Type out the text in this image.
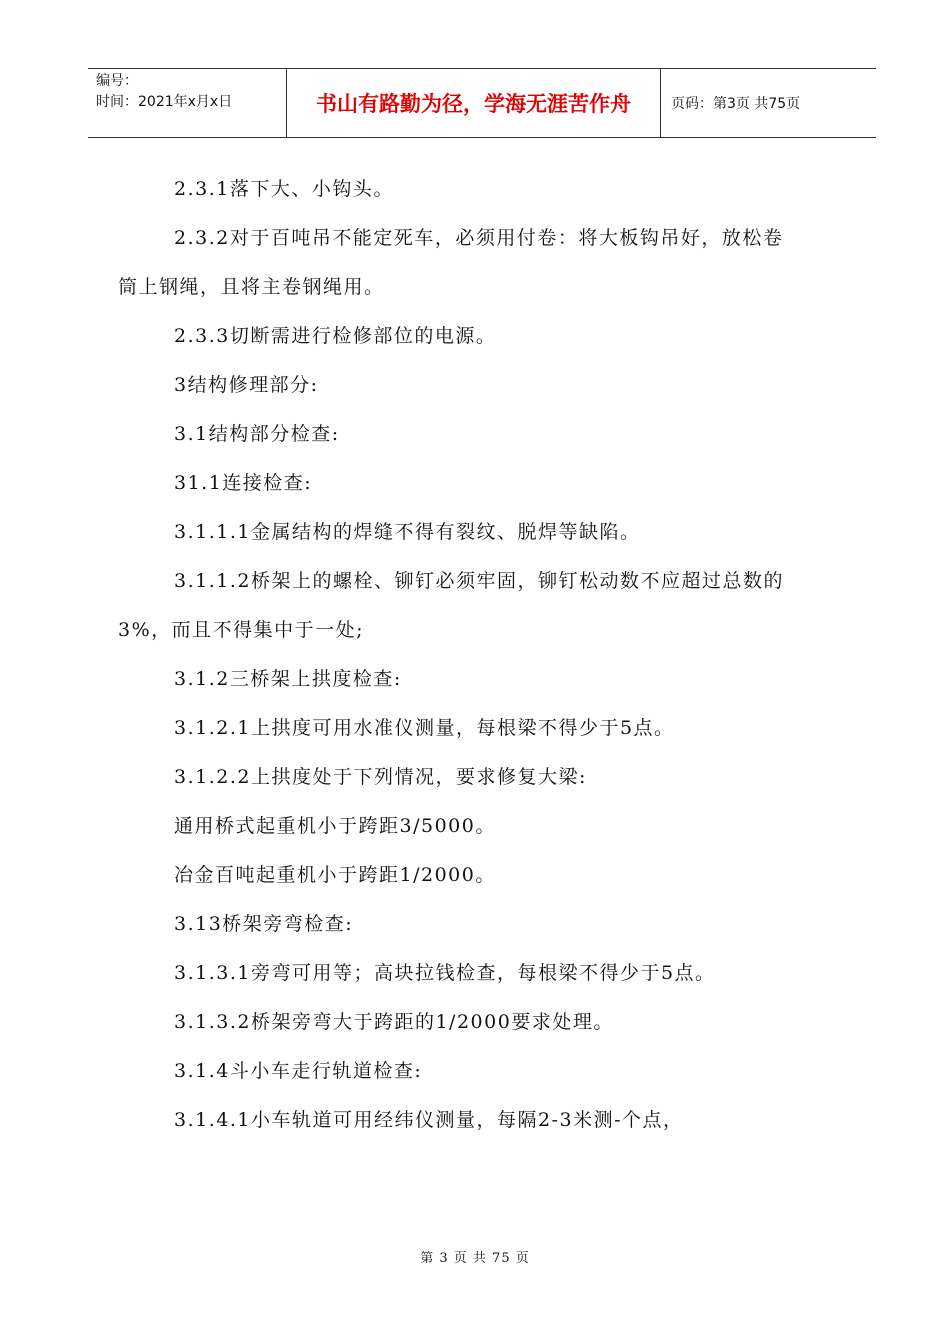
编号：
时间：2021年x月x日	书山有路勤为径，学海无涯苦作舟	页码：第3页 共75页
2.3.1落下大、小钩头。
2.3.2对于百吨吊不能定死车，必须用付卷：将大板钩吊好，放松卷
筒上钢绳，且将主卷钢绳用。
2.3.3切断需进行检修部位的电源。
3结构修理部分:
3.1结构部分检查:
31.1连接检查:
3.1.1.1金属结构的焊缝不得有裂纹、脱焊等缺陷。
3.1.1.2桥架上的螺栓、铆钉必须牢固，铆钉松动数不应超过总数的
3%，而且不得集中于一处;
3.1.2三桥架上拱度检查:
3.1.2.1上拱度可用水准仪测量，每根梁不得少于5点。
3.1.2.2上拱度处于下列情况，要求修复大梁:
通用桥式起重机小于跨距3/5000。
冶金百吨起重机小于跨距1/2000。
3.13桥架旁弯检查:
3.1.3.1旁弯可用等；高块拉钱检查，每根梁不得少于5点。
3.1.3.2桥架旁弯大于跨距的1/2000要求处理。
3.1.4斗小车走行轨道检查:
3.1.4.1小车轨道可用经纬仪测量，每隔2-3米测-个点，
第 3 页 共 75 页
